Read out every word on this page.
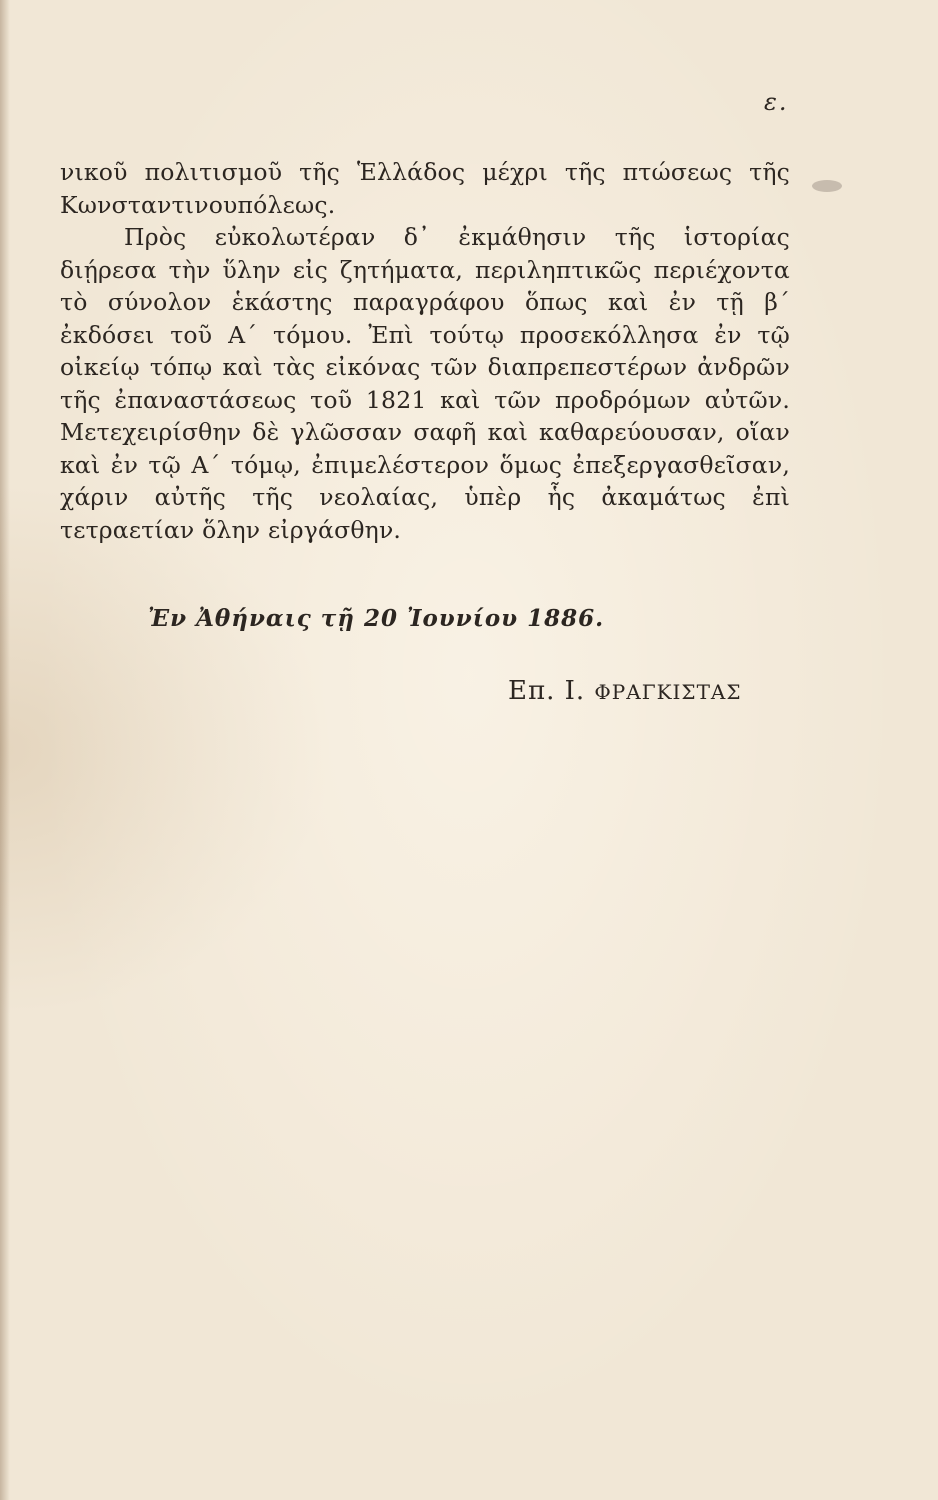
ε.

νικοῦ πολιτισμοῦ τῆς Ἑλλάδος μέχρι τῆς πτώσεως τῆς Κωνσταντινουπόλεως.

Πρὸς εὐκολωτέραν δ᾽ ἐκμάθησιν τῆς ἱστορίας διῄρεσα τὴν ὕλην εἰς ζητήματα, περιληπτικῶς περιέχοντα τὸ σύνολον ἑκάστης παραγράφου ὅπως καὶ ἐν τῇ β΄ ἐκδόσει τοῦ Α΄ τόμου. Ἐπὶ τούτῳ προσεκόλλησα ἐν τῷ οἰκείῳ τόπῳ καὶ τὰς εἰκόνας τῶν διαπρεπεστέρων ἀνδρῶν τῆς ἐπαναστάσεως τοῦ 1821 καὶ τῶν προδρόμων αὐτῶν. Μετεχειρίσθην δὲ γλῶσσαν σαφῆ καὶ καθαρεύουσαν, οἵαν καὶ ἐν τῷ Α΄ τόμῳ, ἐπιμελέστερον ὅμως ἐπεξεργασθεῖσαν, χάριν αὐτῆς τῆς νεολαίας, ὑπὲρ ἧς ἀκαμάτως ἐπὶ τετραετίαν ὅλην εἰργάσθην.

Ἐν Ἀθήναις τῇ 20 Ἰουνίου 1886.
Επ. Ι. ΦΡΑΓΚΙΣΤΑΣ
